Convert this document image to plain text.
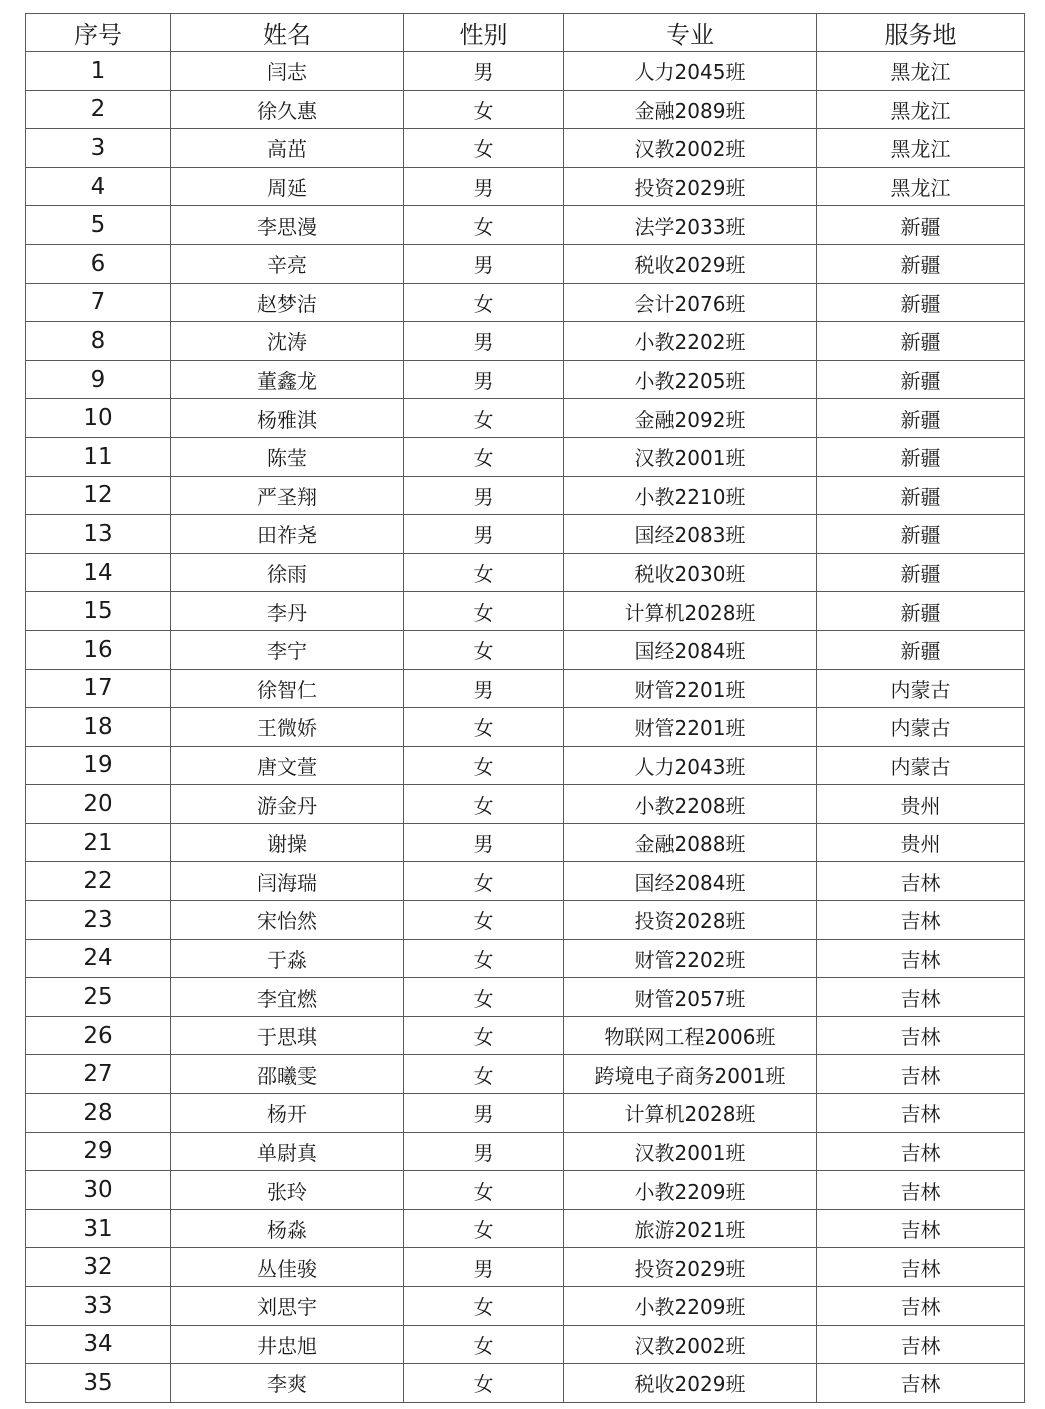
序号	姓名	性别	专业	服务地
1	闫志	男	人力2045班	黑龙江
2	徐久惠	女	金融2089班	黑龙江
3	高茁	女	汉教2002班	黑龙江
4	周延	男	投资2029班	黑龙江
5	李思漫	女	法学2033班	新疆
6	辛亮	男	税收2029班	新疆
7	赵梦洁	女	会计2076班	新疆
8	沈涛	男	小教2202班	新疆
9	董鑫龙	男	小教2205班	新疆
10	杨雅淇	女	金融2092班	新疆
11	陈莹	女	汉教2001班	新疆
12	严圣翔	男	小教2210班	新疆
13	田祚尧	男	国经2083班	新疆
14	徐雨	女	税收2030班	新疆
15	李丹	女	计算机2028班	新疆
16	李宁	女	国经2084班	新疆
17	徐智仁	男	财管2201班	内蒙古
18	王微娇	女	财管2201班	内蒙古
19	唐文萱	女	人力2043班	内蒙古
20	游金丹	女	小教2208班	贵州
21	谢操	男	金融2088班	贵州
22	闫海瑞	女	国经2084班	吉林
23	宋怡然	女	投资2028班	吉林
24	于淼	女	财管2202班	吉林
25	李宜燃	女	财管2057班	吉林
26	于思琪	女	物联网工程2006班	吉林
27	邵曦雯	女	跨境电子商务2001班	吉林
28	杨开	男	计算机2028班	吉林
29	单尉真	男	汉教2001班	吉林
30	张玲	女	小教2209班	吉林
31	杨淼	女	旅游2021班	吉林
32	丛佳骏	男	投资2029班	吉林
33	刘思宇	女	小教2209班	吉林
34	井忠旭	女	汉教2002班	吉林
35	李爽	女	税收2029班	吉林
